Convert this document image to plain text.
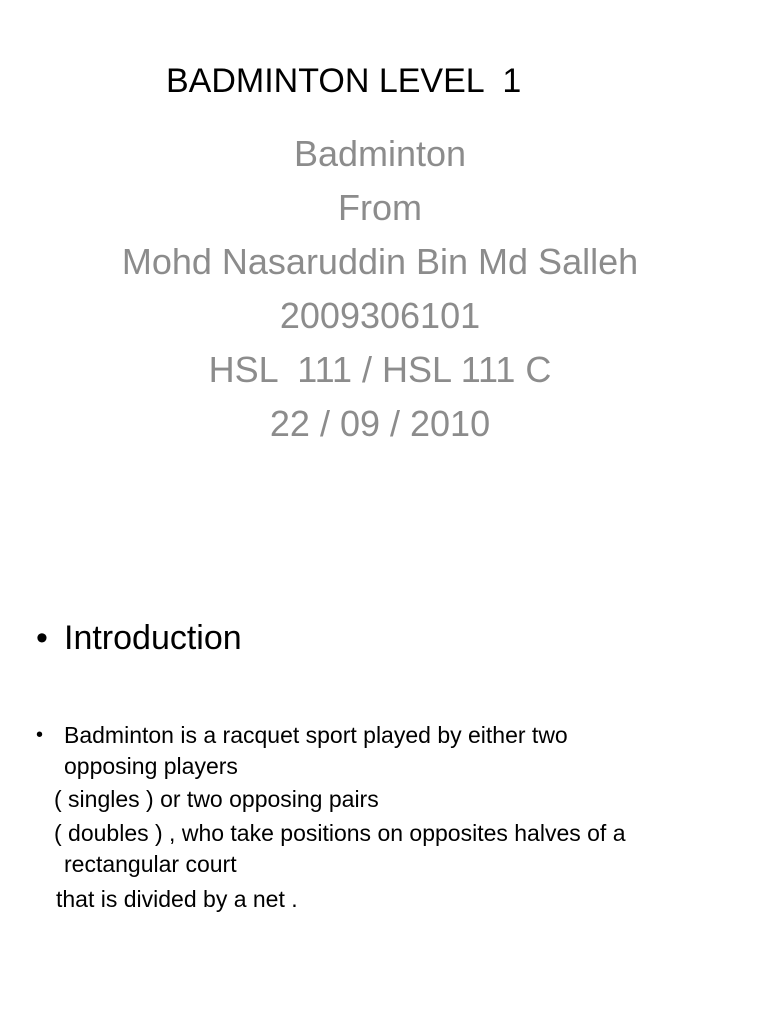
BADMINTON LEVEL  1
Badminton
From
Mohd Nasaruddin Bin Md Salleh
2009306101
HSL  111 / HSL 111 C
22 / 09 / 2010
• Introduction
• Badminton is a racquet sport played by either two
opposing players
( singles ) or two opposing pairs
( doubles ) , who take positions on opposites halves of a
rectangular court
that is divided by a net .
